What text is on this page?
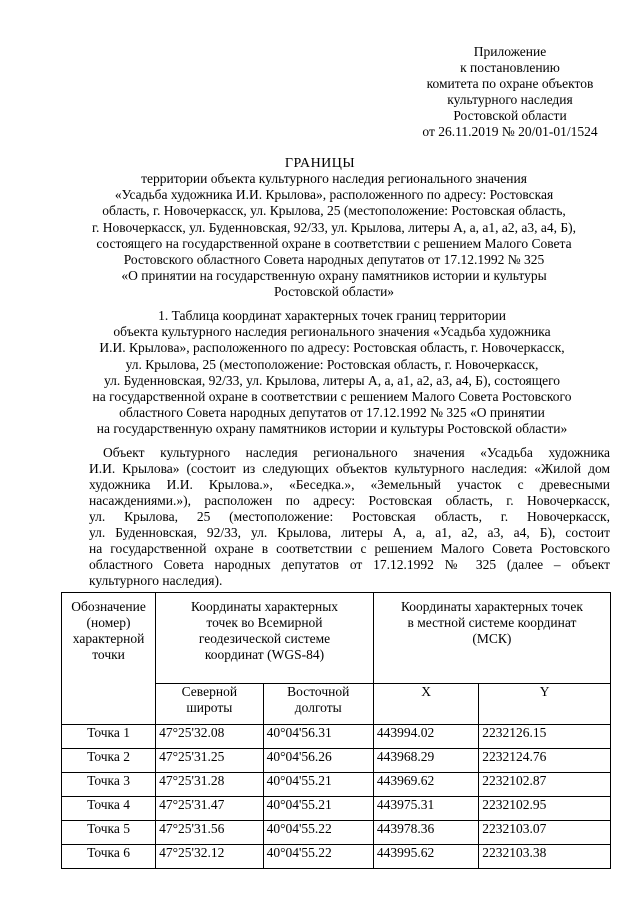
Приложение
к постановлению
комитета по охране объектов
культурного наследия
Ростовской области
от 26.11.2019 № 20/01-01/1524
ГРАНИЦЫ
территории объекта культурного наследия регионального значения
«Усадьба художника И.И. Крылова», расположенного по адресу: Ростовская
область, г. Новочеркасск, ул. Крылова, 25 (местоположение: Ростовская область,
г. Новочеркасск, ул. Буденновская, 92/33, ул. Крылова, литеры А, а, а1, а2, а3, а4, Б),
состоящего на государственной охране в соответствии с решением Малого Совета
Ростовского областного Совета народных депутатов от 17.12.1992 № 325
«О принятии на государственную охрану памятников истории и культуры
Ростовской области»
1. Таблица координат характерных точек границ территории
объекта культурного наследия регионального значения «Усадьба художника
И.И. Крылова», расположенного по адресу: Ростовская область, г. Новочеркасск,
ул. Крылова, 25 (местоположение: Ростовская область, г. Новочеркасск,
ул. Буденновская, 92/33, ул. Крылова, литеры А, а, а1, а2, а3, а4, Б), состоящего
на государственной охране в соответствии с решением Малого Совета Ростовского
областного Совета народных депутатов от 17.12.1992 № 325 «О принятии
на государственную охрану памятников истории и культуры Ростовской области»
Объект культурного наследия регионального значения «Усадьба художника
И.И. Крылова» (состоит из следующих объектов культурного наследия: «Жилой дом
художника И.И. Крылова.», «Беседка.», «Земельный участок с древесными
насаждениями.»), расположен по адресу: Ростовская область, г. Новочеркасск,
ул. Крылова, 25 (местоположение: Ростовская область, г. Новочеркасск,
ул. Буденновская, 92/33, ул. Крылова, литеры А, а, а1, а2, а3, а4, Б), состоит
на государственной охране в соответствии с решением Малого Совета Ростовского
областного Совета народных депутатов от 17.12.1992 № 325 (далее – объект
культурного наследия).
Обозначение
(номер)
характерной
точки	Координаты характерных
точек во Всемирной
геодезической системе
координат (WGS-84)		Координаты характерных точек
в местной системе координат
(МСК)	

	Северной
широты	Восточной
долготы	X	Y
Точка 1	47°25'32.08	40°04'56.31	443994.02	2232126.15
Точка 2	47°25'31.25	40°04'56.26	443968.29	2232124.76
Точка 3	47°25'31.28	40°04'55.21	443969.62	2232102.87
Точка 4	47°25'31.47	40°04'55.21	443975.31	2232102.95
Точка 5	47°25'31.56	40°04'55.22	443978.36	2232103.07
Точка 6	47°25'32.12	40°04'55.22	443995.62	2232103.38
